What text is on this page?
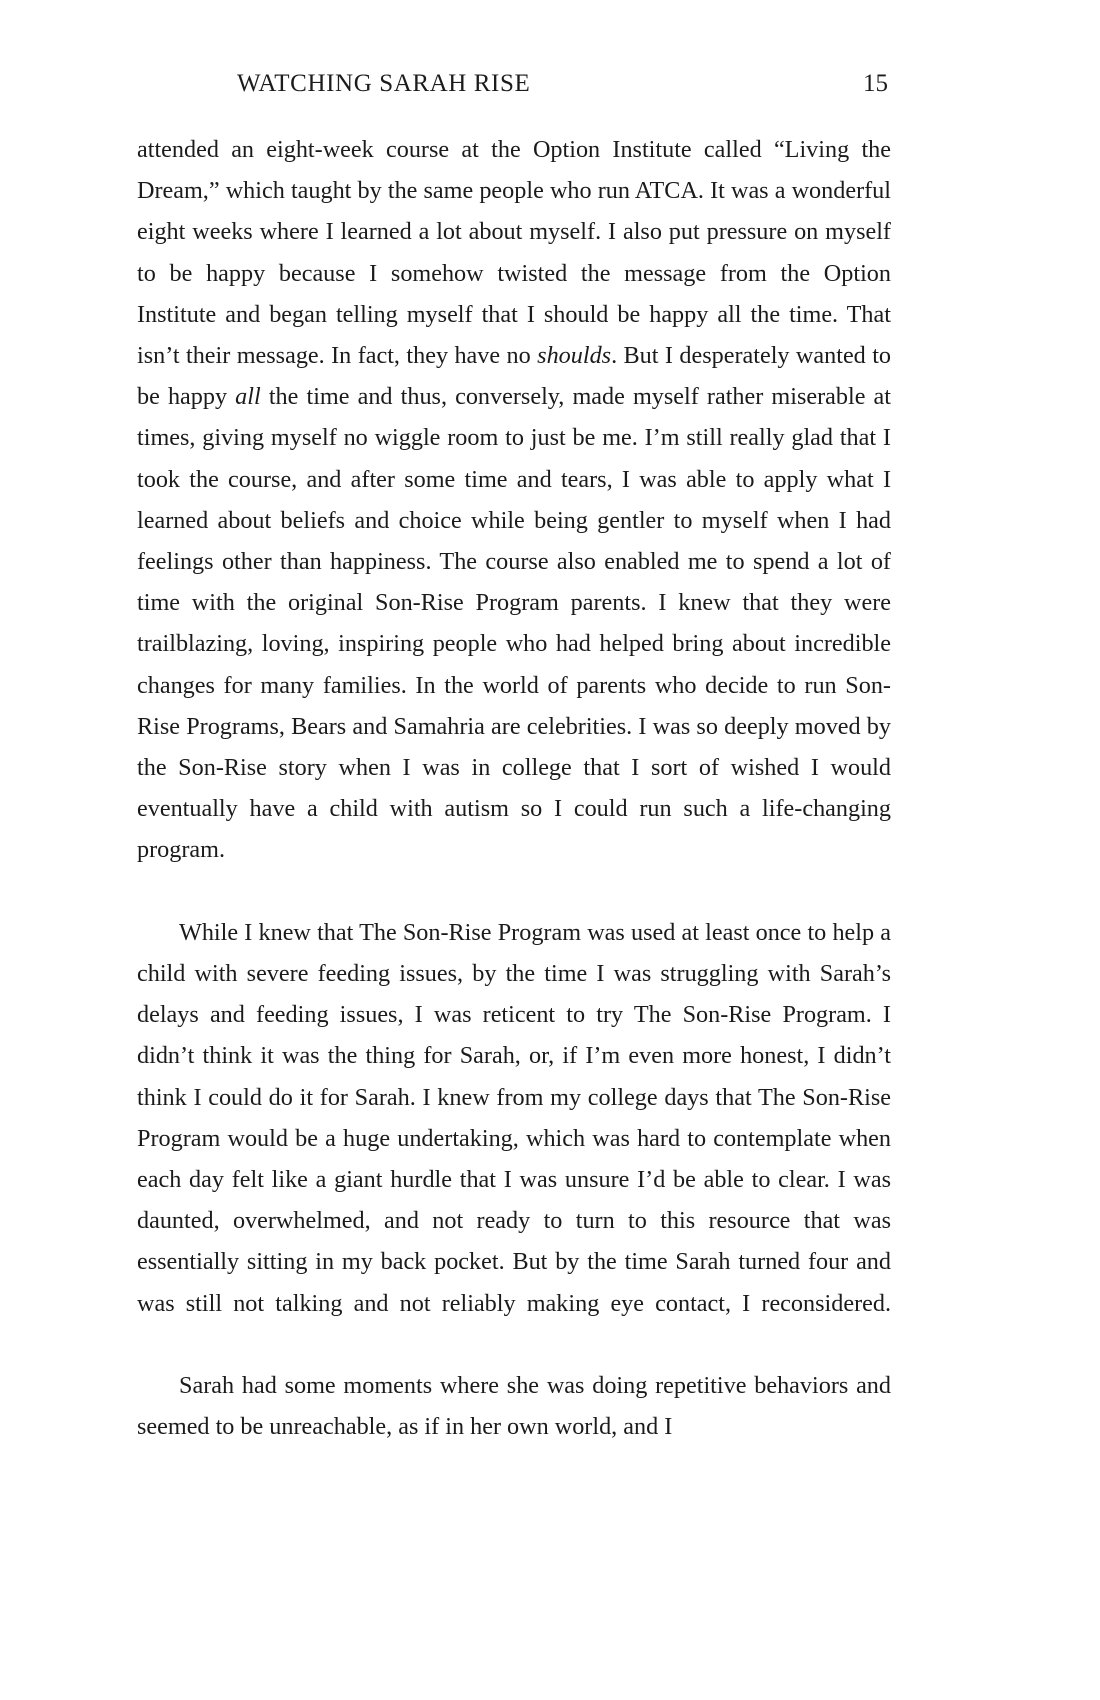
WATCHING SARAH RISE	15

attended an eight-week course at the Option Institute called “Living the Dream,” which taught by the same people who run ATCA. It was a wonderful eight weeks where I learned a lot about myself. I also put pressure on myself to be happy because I somehow twisted the message from the Option Institute and began telling myself that I should be happy all the time. That isn’t their message. In fact, they have no shoulds. But I desperately wanted to be happy all the time and thus, conversely, made myself rather miserable at times, giving myself no wiggle room to just be me. I’m still really glad that I took the course, and after some time and tears, I was able to apply what I learned about beliefs and choice while being gentler to myself when I had feelings other than happiness. The course also enabled me to spend a lot of time with the original Son-Rise Program parents. I knew that they were trailblazing, loving, inspiring people who had helped bring about incredible changes for many families. In the world of parents who decide to run Son-Rise Programs, Bears and Samahria are celebrities. I was so deeply moved by the Son-Rise story when I was in college that I sort of wished I would eventually have a child with autism so I could run such a life-changing program.

While I knew that The Son-Rise Program was used at least once to help a child with severe feeding issues, by the time I was struggling with Sarah’s delays and feeding issues, I was reticent to try The Son-Rise Program. I didn’t think it was the thing for Sarah, or, if I’m even more honest, I didn’t think I could do it for Sarah. I knew from my college days that The Son-Rise Program would be a huge undertaking, which was hard to contemplate when each day felt like a giant hurdle that I was unsure I’d be able to clear. I was daunted, overwhelmed, and not ready to turn to this resource that was essentially sitting in my back pocket. But by the time Sarah turned four and was still not talking and not reliably making eye contact, I reconsidered.

Sarah had some moments where she was doing repetitive behaviors and seemed to be unreachable, as if in her own world, and I
